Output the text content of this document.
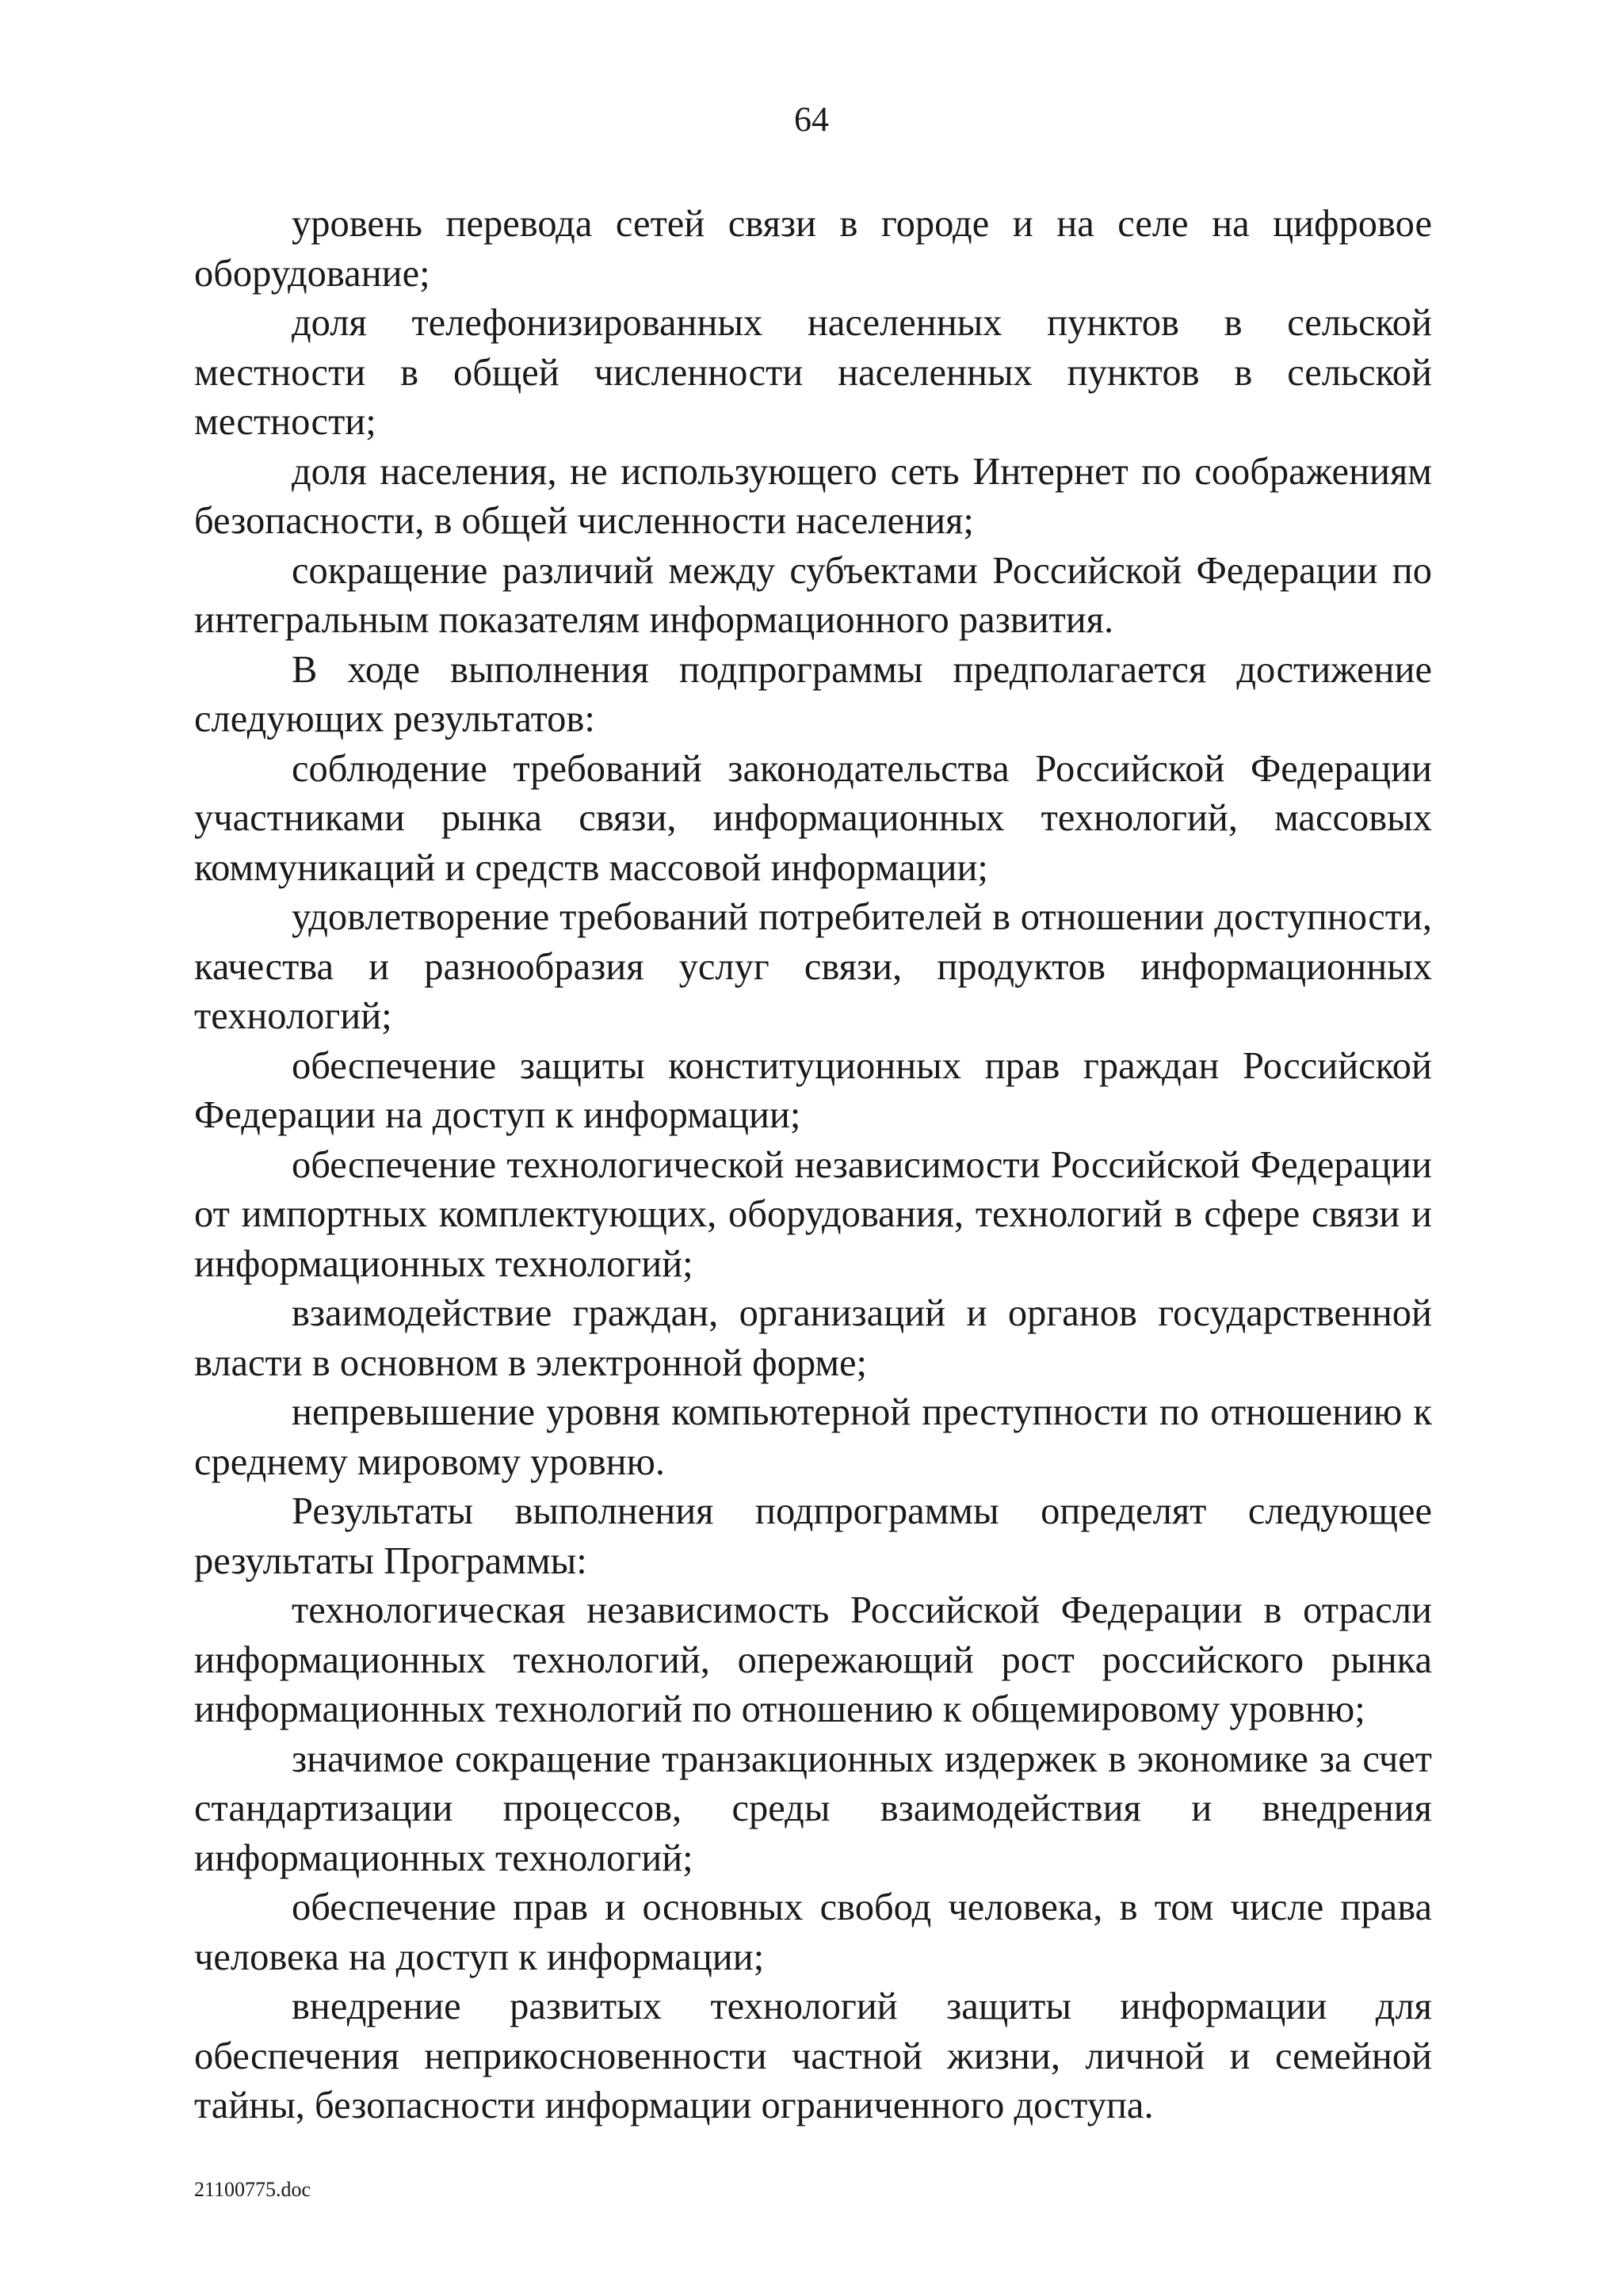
64

уровень перевода сетей связи в городе и на селе на цифровое оборудование;

доля телефонизированных населенных пунктов в сельской местности в общей численности населенных пунктов в сельской местности;

доля населения, не использующего сеть Интернет по соображениям безопасности, в общей численности населения;

сокращение различий между субъектами Российской Федерации по интегральным показателям информационного развития.

В ходе выполнения подпрограммы предполагается достижение следующих результатов:

соблюдение требований законодательства Российской Федерации участниками рынка связи, информационных технологий, массовых коммуникаций и средств массовой информации;

удовлетворение требований потребителей в отношении доступности, качества и разнообразия услуг связи, продуктов информационных технологий;

обеспечение защиты конституционных прав граждан Российской Федерации на доступ к информации;

обеспечение технологической независимости Российской Федерации от импортных комплектующих, оборудования, технологий в сфере связи и информационных технологий;

взаимодействие граждан, организаций и органов государственной власти в основном в электронной форме;

непревышение уровня компьютерной преступности по отношению к среднему мировому уровню.

Результаты выполнения подпрограммы определят следующее результаты Программы:

технологическая независимость Российской Федерации в отрасли информационных технологий, опережающий рост российского рынка информационных технологий по отношению к общемировому уровню;

значимое сокращение транзакционных издержек в экономике за счет стандартизации процессов, среды взаимодействия и внедрения информационных технологий;

обеспечение прав и основных свобод человека, в том числе права человека на доступ к информации;

внедрение развитых технологий защиты информации для обеспечения неприкосновенности частной жизни, личной и семейной тайны, безопасности информации ограниченного доступа.

21100775.doc
